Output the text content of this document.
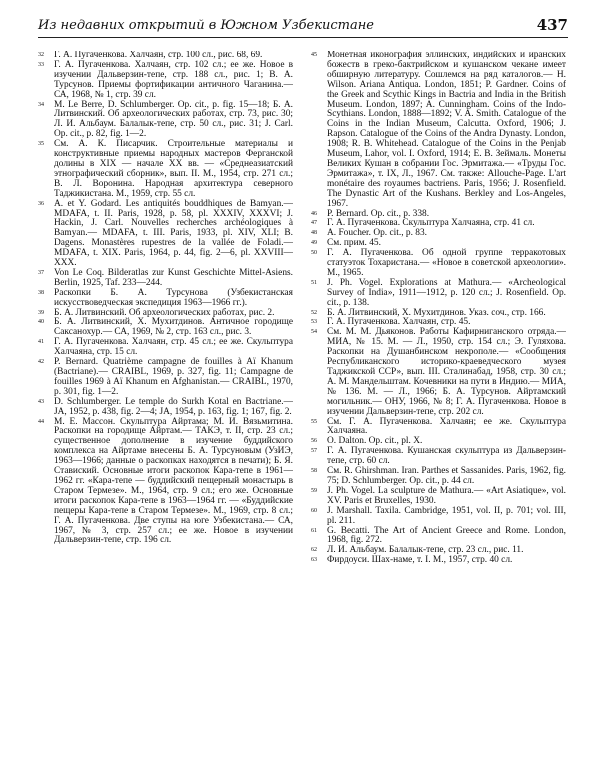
Из недавних открытий в Южном Узбекистане	437

32	Г. А. Пугаченкова. Халчаян, стр. 100 сл., рис. 68, 69.

33	Г. А. Пугаченкова. Халчаян, стр. 102 сл.; ее же. Новое в изучении Дальверзин-тепе, стр. 188 сл., рис. 1; В. А. Турсунов. Приемы фортификации античного Чаганина.— СА, 1968, № 1, стр. 39 сл.

34	M. Le Berre, D. Schlumberger. Op. cit., p. fig. 15—18; Б. А. Литвинский. Об археологических работах, стр. 73, рис. 30; Л. И. Альбаум. Балалык-тепе, стр. 50 сл., рис. 31; J. Carl. Op. cit., p. 82, fig. 1—2.

35	См. А. К. Писарчик. Строительные материалы и конструктивные приемы народных мастеров Ферганской долины в XIX — начале XX вв. — «Среднеазиатский этнографический сборник», вып. II. М., 1954, стр. 271 сл.; В. Л. Воронина. Народная архитектура северного Таджикистана. М., 1959, стр. 55 сл.

36	A. et Y. Godard. Les antiquités bouddhiques de Bamyan.— MDAFA, t. II. Paris, 1928, p. 58, pl. XXXIV, XXXVI; J. Hackin, J. Carl. Nouvelles recherches archéologiques à Bamyan.— MDAFA, t. III. Paris, 1933, pl. XIV, XLI; B. Dagens. Monastères rupestres de la vallée de Foladi.— MDAFA, t. XIX. Paris, 1964, p. 44, fig. 2—6, pl. XXVIII—XXX.

37	Von Le Coq. Bilderatlas zur Kunst Geschichte Mittel-Asiens. Berlin, 1925, Taf. 233—244.

38	Раскопки Б. А. Турсунова (Узбекистанская искусствоведческая экспедиция 1963—1966 гг.).

39	Б. А. Литвинский. Об археологических работах, рис. 2.

40	Б. А. Литвинский, Х. Мухитдинов. Античное городище Саксанохур.— СА, 1969, № 2, стр. 163 сл., рис. 3.

41	Г. А. Пугаченкова. Халчаян, стр. 45 сл.; ее же. Скульптура Халчаяна, стр. 15 сл.

42	P. Bernard. Quatrième campagne de fouilles à Aï Khanum (Bactriane).— CRAIBL, 1969, p. 327, fig. 11; Campagne de fouilles 1969 à Aï Khanum en Afghanistan.— CRAIBL, 1970, p. 301, fig. 1—2.

43	D. Schlumberger. Le temple do Surkh Kotal en Bactriane.— JA, 1952, p. 438, fig. 2—4; JA, 1954, p. 163, fig. 1; 167, fig. 2.

44	М. Е. Массон. Скульптура Айртама; М. И. Вязьмитина. Раскопки на городище Айртам.— ТАКЭ, т. II, стр. 23 сл.; существенное дополнение в изучение буддийского комплекса на Айртаме внесены Б. А. Турсуновым (УзИЭ, 1963—1966; данные о раскопках находятся в печати); Б. Я. Ставиский. Основные итоги раскопок Кара-тепе в 1961—1962 гг. «Кара-тепе — буддийский пещерный монастырь в Старом Термезе». М., 1964, стр. 9 сл.; его же. Основные итоги раскопок Кара-тепе в 1963—1964 гг. — «Буддийские пещеры Кара-тепе в Старом Термезе». М., 1969, стр. 8 сл.; Г. А. Пугаченкова. Две ступы на юге Узбекистана.— СА, 1967, № 3, стр. 257 сл.; ее же. Новое в изучении Дальверзин-тепе, стр. 196 сл.

45	Монетная иконография эллинских, индийских и иранских божеств в греко-бактрийском и кушанском чекане имеет обширную литературу. Сошлемся на ряд каталогов.— H. Wilson. Ariana Antiqua. London, 1851; P. Gardner. Coins of the Greek and Scythic Kings in Bactria and India in the British Museum. London, 1897; A. Cunningham. Coins of the Indo-Scythians. London, 1888—1892; V. A. Smith. Catalogue of the Coins in the Indian Museum, Calcutta. Oxford, 1906; J. Rapson. Catalogue of the Coins of the Andra Dynasty. London, 1908; R. B. Whitehead. Catalogue of the Coins in the Penjab Museum, Lahor, vol. I. Oxford, 1914; Е. В. Зеймаль. Монеты Великих Кушан в собрании Гос. Эрмитажа.— «Труды Гос. Эрмитажа», т. IX, Л., 1967. См. также: Allouche-Page. L'art monétaire des royaumes bactriens. Paris, 1956; J. Rosenfield. The Dynastic Art of the Kushans. Berkley and Los-Angeles, 1967.

46	P. Bernard. Op. cit., p. 338.

47	Г. А. Пугаченкова. Скульптура Халчаяна, стр. 41 сл.

48	A. Foucher. Op. cit., p. 83.

49	См. прим. 45.

50	Г. А. Пугаченкова. Об одной группе терракотовых статуэток Тохаристана.— «Новое в советской археологии». М., 1965.

51	J. Ph. Vogel. Explorations at Mathura.— «Archeological Survey of India», 1911—1912, p. 120 сл.; J. Rosenfield. Op. cit., p. 138.

52	Б. А. Литвинский, Х. Мухитдинов. Указ. соч., стр. 166.

53	Г. А. Пугаченкова. Халчаян, стр. 45.

54	См. М. М. Дьяконов. Работы Кафирниганского отряда.— МИА, № 15. М. — Л., 1950, стр. 154 сл.; Э. Гуляхова. Раскопки на Душанбинском некрополе.— «Сообщения Республиканского историко-краеведческого музея Таджикской ССР», вып. III. Сталинабад, 1958, стр. 30 сл.; А. М. Мандельштам. Кочевники на пути в Индию.— МИА, № 136. М. — Л., 1966; Б. А. Турсунов. Айртамский могильник.— ОНУ, 1966, № 8; Г. А. Пугаченкова. Новое в изучении Дальверзин-тепе, стр. 202 сл.

55	См. Г. А. Пугаченкова. Халчаян; ее же. Скульптура Халчаяна.

56	O. Dalton. Op. cit., pl. X.

57	Г. А. Пугаченкова. Кушанская скульптура из Дальверзин-тепе, стр. 60 сл.

58	См. R. Ghirshman. Iran. Parthes et Sassanides. Paris, 1962, fig. 75; D. Schlumberger. Op. cit., p. 44 сл.

59	J. Ph. Vogel. La sculpture de Mathura.— «Art Asiatique», vol. XV. Paris et Bruxelles, 1930.

60	J. Marshall. Taxila. Cambridge, 1951, vol. II, p. 701; vol. III, pl. 211.

61	G. Becatti. The Art of Ancient Greece and Rome. London, 1968, fig. 272.

62	Л. И. Альбаум. Балалык-тепе, стр. 23 сл., рис. 11.

63	Фирдоуси. Шах-наме, т. I. М., 1957, стр. 40 сл.
